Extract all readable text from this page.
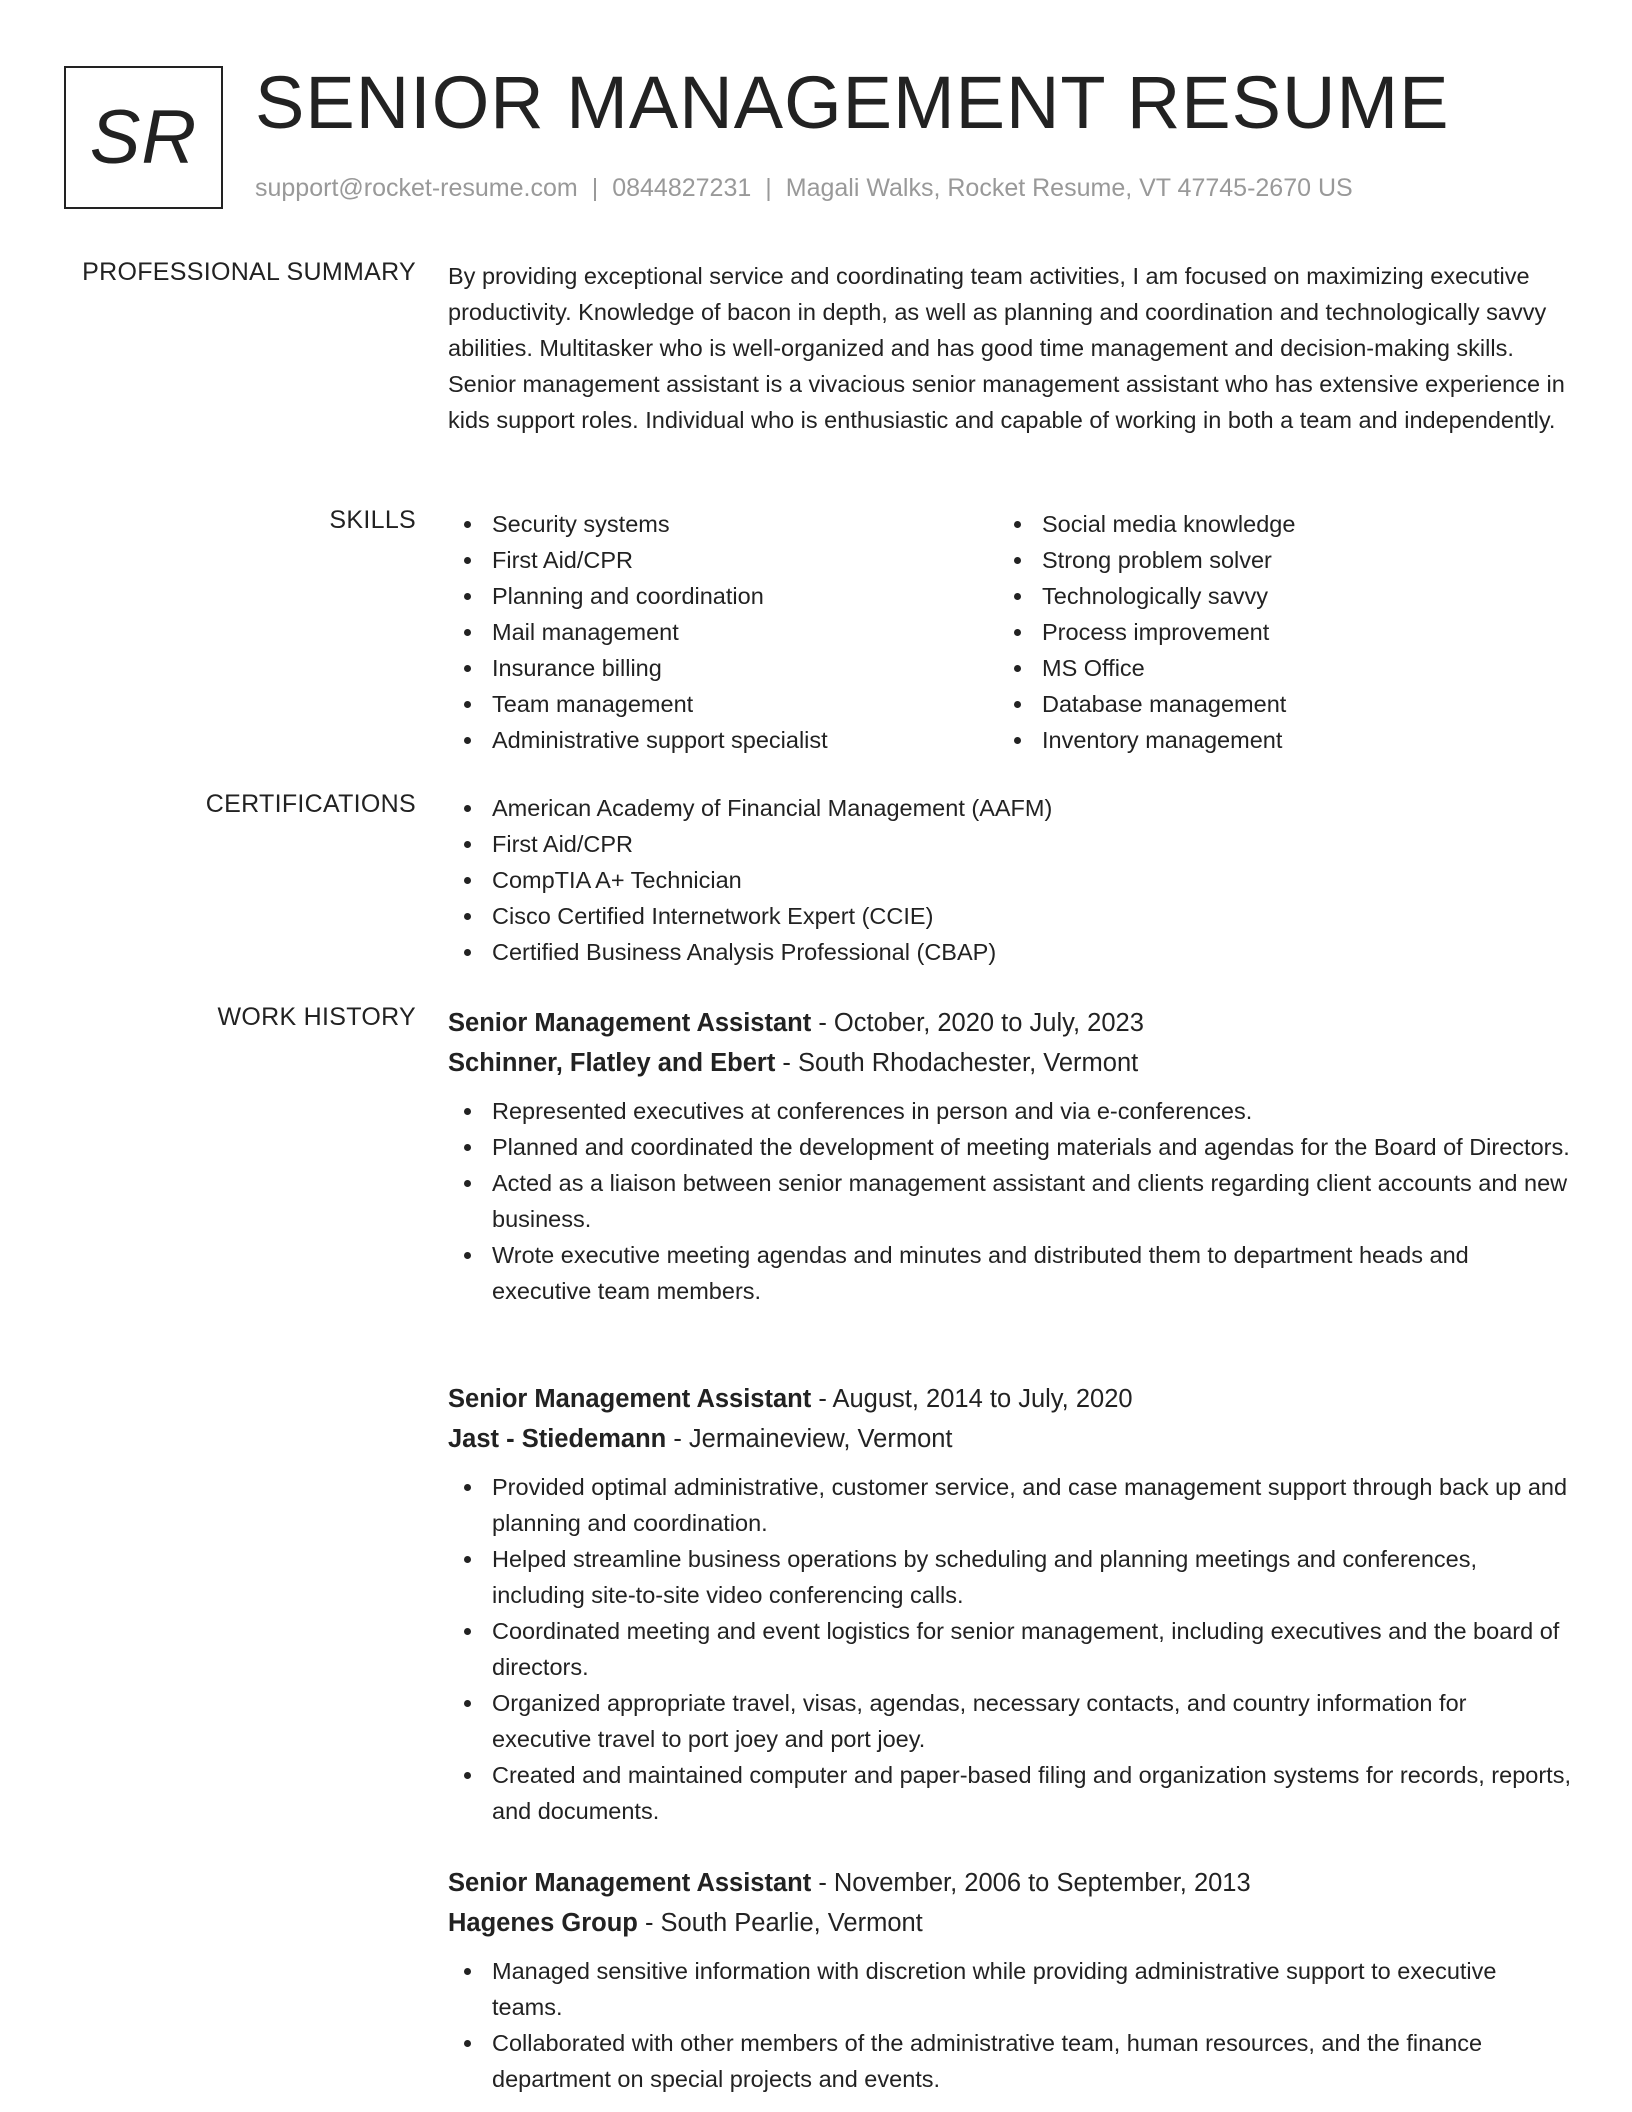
SR SENIOR MANAGEMENT RESUME
support@rocket-resume.com | 0844827231 | Magali Walks, Rocket Resume, VT 47745-2670 US
PROFESSIONAL SUMMARY By providing exceptional service and coordinating team activities, I am focused on maximizing executive productivity. Knowledge of bacon in depth, as well as planning and coordination and technologically savvy abilities. Multitasker who is well-organized and has good time management and decision-making skills. Senior management assistant is a vivacious senior management assistant who has extensive experience in kids support roles. Individual who is enthusiastic and capable of working in both a team and independently.
SKILLS	Security systems
First Aid/CPR
Planning and coordination
Mail management
Insurance billing
Team management
Administrative support specialist
Social media knowledge
Strong problem solver
Technologically savvy
Process improvement
MS Office
Database management
Inventory management
CERTIFICATIONS	American Academy of Financial Management (AAFM)
First Aid/CPR
CompTIA A+ Technician
Cisco Certified Internetwork Expert (CCIE)
Certified Business Analysis Professional (CBAP)
WORK HISTORY Senior Management Assistant - October, 2020 to July, 2023
Schinner, Flatley and Ebert - South Rhodachester, Vermont
Represented executives at conferences in person and via e-conferences.
Planned and coordinated the development of meeting materials and agendas for the Board of Directors.
Acted as a liaison between senior management assistant and clients regarding client accounts and new business.
Wrote executive meeting agendas and minutes and distributed them to department heads and executive team members.
Senior Management Assistant - August, 2014 to July, 2020
Jast - Stiedemann - Jermaineview, Vermont
Provided optimal administrative, customer service, and case management support through back up and planning and coordination.
Helped streamline business operations by scheduling and planning meetings and conferences, including site-to-site video conferencing calls.
Coordinated meeting and event logistics for senior management, including executives and the board of directors.
Organized appropriate travel, visas, agendas, necessary contacts, and country information for executive travel to port joey and port joey.
Created and maintained computer and paper-based filing and organization systems for records, reports, and documents.
Senior Management Assistant - November, 2006 to September, 2013
Hagenes Group - South Pearlie, Vermont
Managed sensitive information with discretion while providing administrative support to executive teams.
Collaborated with other members of the administrative team, human resources, and the finance department on special projects and events.
